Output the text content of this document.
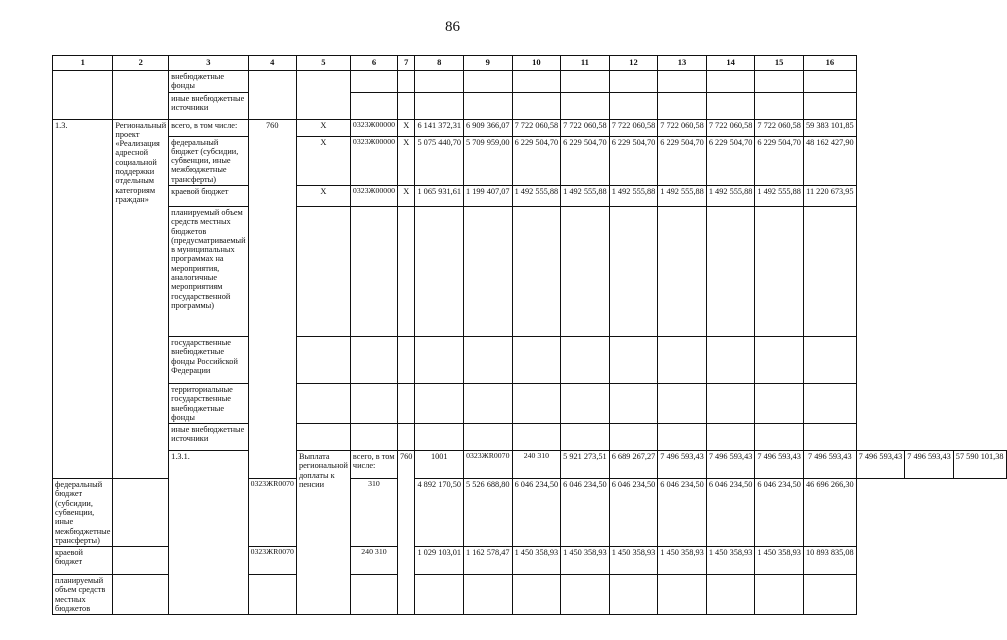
86
1	2	3	4	5	6	7	8	9	10	11	12	13	14	15	16			
		внебюджетные фонды																
		иные внебюджетные источники																
1.3.	Региональный проект «Реализация адресной социальной поддержки отдельным категориям граждан»	всего, в том числе:	760	Х	0323Ж00000	Х	6 141 372,31	6 909 366,07	7 722 060,58	7 722 060,58	7 722 060,58	7 722 060,58	7 722 060,58	7 722 060,58	59 383 101,85			
		федеральный бюджет (субсидии, субвенции, иные межбюджетные трансферты)		Х	0323Ж00000	Х	5 075 440,70	5 709 959,00	6 229 504,70	6 229 504,70	6 229 504,70	6 229 504,70	6 229 504,70	6 229 504,70	48 162 427,90			
		краевой бюджет		Х	0323Ж00000	Х	1 065 931,61	1 199 407,07	1 492 555,88	1 492 555,88	1 492 555,88	1 492 555,88	1 492 555,88	1 492 555,88	11 220 673,95			
		планируемый объем средств местных бюджетов (предусматриваемый в муниципальных программах на мероприятия, аналогичные мероприятиям государственной программы)																
		государственные внебюджетные фонды Российской Федерации																
		территориальные государственные внебюджетные фонды																
		иные внебюджетные источники																
		1.3.1.		Выплата региональной доплаты к пенсии	всего, в том числе:	760	1001	0323ЖR0070	240 310	5 921 273,51	6 689 267,27	7 496 593,43	7 496 593,43	7 496 593,43	7 496 593,43	7 496 593,43	7 496 593,43	57 590 101,38
федеральный бюджет (субсидии, субвенции, иные межбюджетные трансферты)			0323ЖR0070		310		4 892 170,50	5 526 688,80	6 046 234,50	6 046 234,50	6 046 234,50	6 046 234,50	6 046 234,50	6 046 234,50	46 696 266,30			
краевой бюджет			0323ЖR0070		240 310		1 029 103,01	1 162 578,47	1 450 358,93	1 450 358,93	1 450 358,93	1 450 358,93	1 450 358,93	1 450 358,93	10 893 835,08			
планируемый объем средств местных бюджетов																		
